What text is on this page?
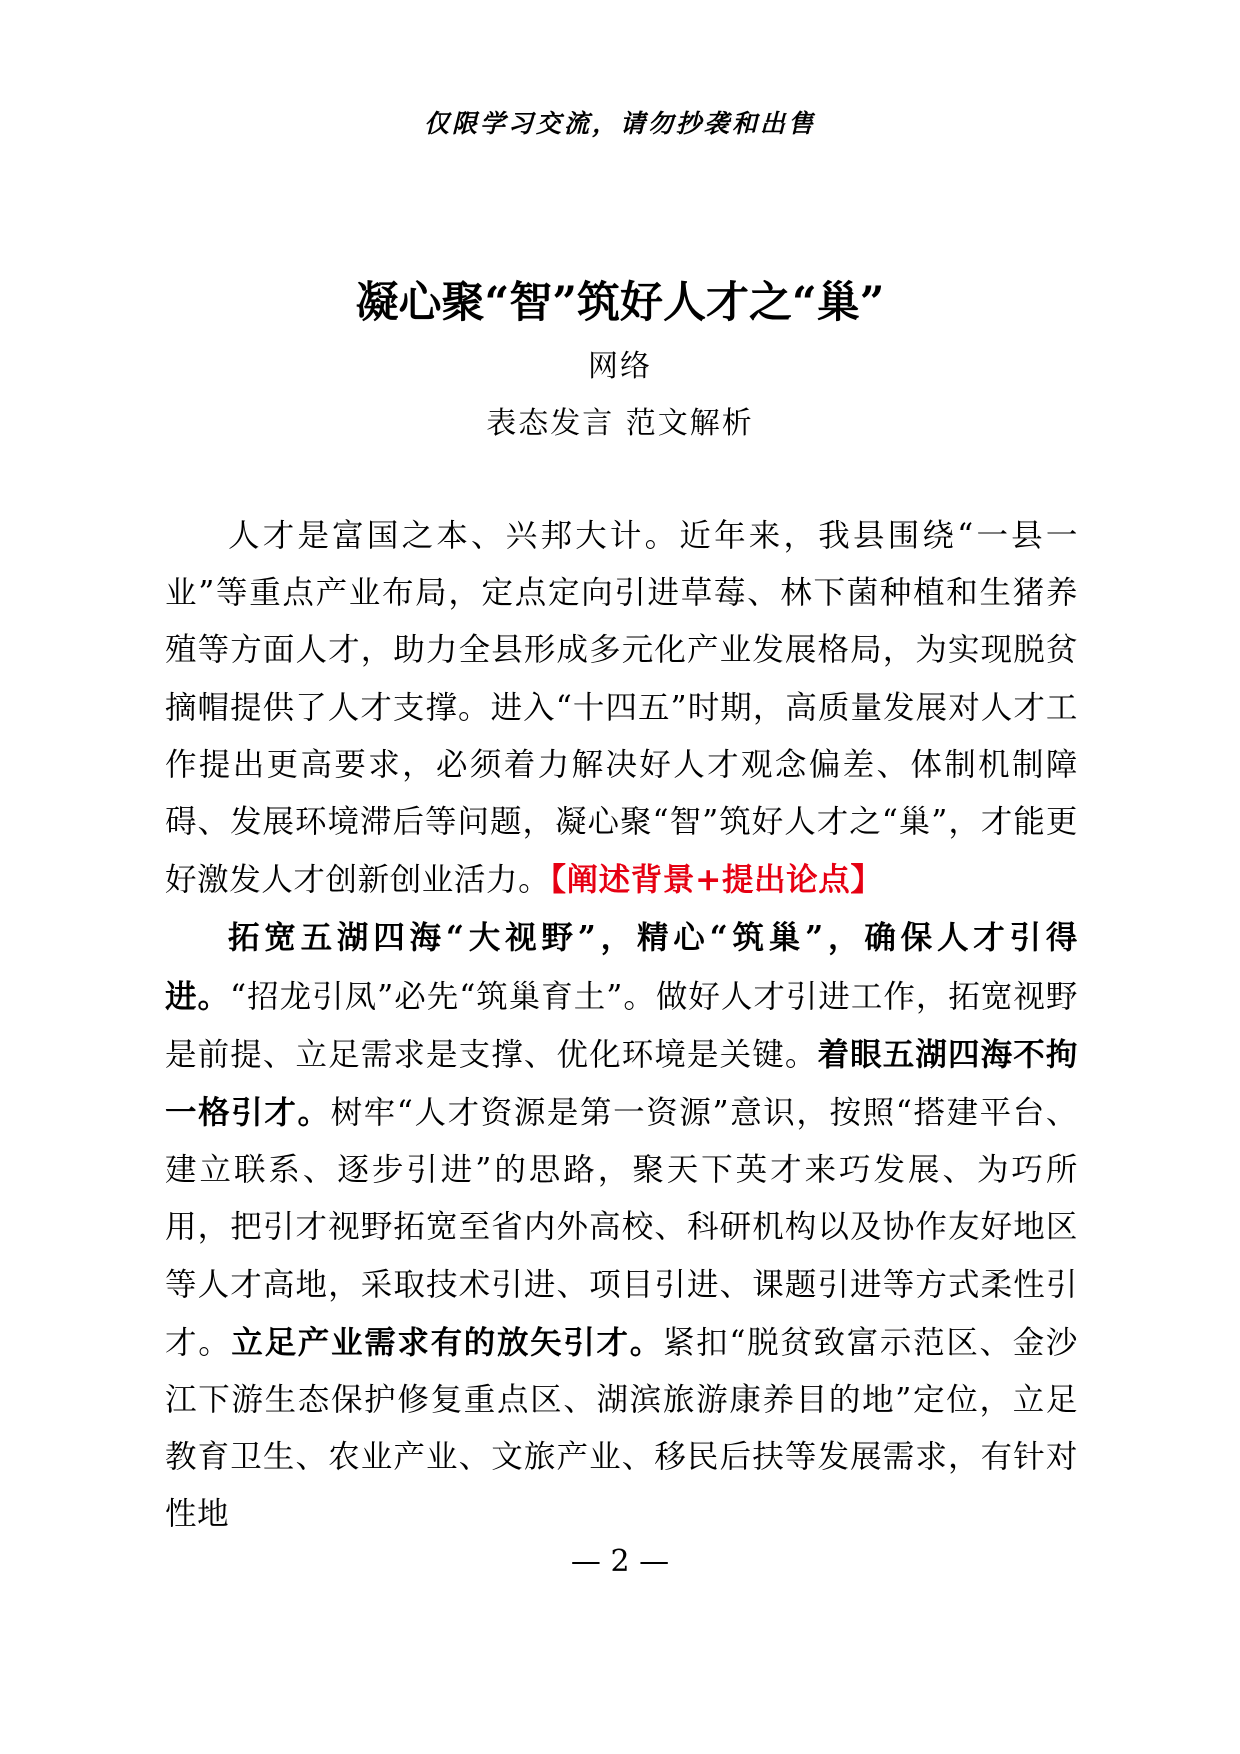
仅限学习交流，请勿抄袭和出售
凝心聚“智”筑好人才之“巢”
网络
表态发言 范文解析

人才是富国之本、兴邦大计。近年来，我县围绕“一县一业”等重点产业布局，定点定向引进草莓、林下菌种植和生猪养殖等方面人才，助力全县形成多元化产业发展格局，为实现脱贫摘帽提供了人才支撑。进入“十四五”时期，高质量发展对人才工作提出更高要求，必须着力解决好人才观念偏差、体制机制障碍、发展环境滞后等问题，凝心聚“智”筑好人才之“巢”，才能更好激发人才创新创业活力。【阐述背景+提出论点】

拓宽五湖四海“大视野”，精心“筑巢”，确保人才引得进。“招龙引凤”必先“筑巢育土”。做好人才引进工作，拓宽视野是前提、立足需求是支撑、优化环境是关键。着眼五湖四海不拘一格引才。树牢“人才资源是第一资源”意识，按照“搭建平台、建立联系、逐步引进”的思路，聚天下英才来巧发展、为巧所用，把引才视野拓宽至省内外高校、科研机构以及协作友好地区等人才高地，采取技术引进、项目引进、课题引进等方式柔性引才。立足产业需求有的放矢引才。紧扣“脱贫致富示范区、金沙江下游生态保护修复重点区、湖滨旅游康养目的地”定位，立足教育卫生、农业产业、文旅产业、移民后扶等发展需求，有针对性地

— 2 —
